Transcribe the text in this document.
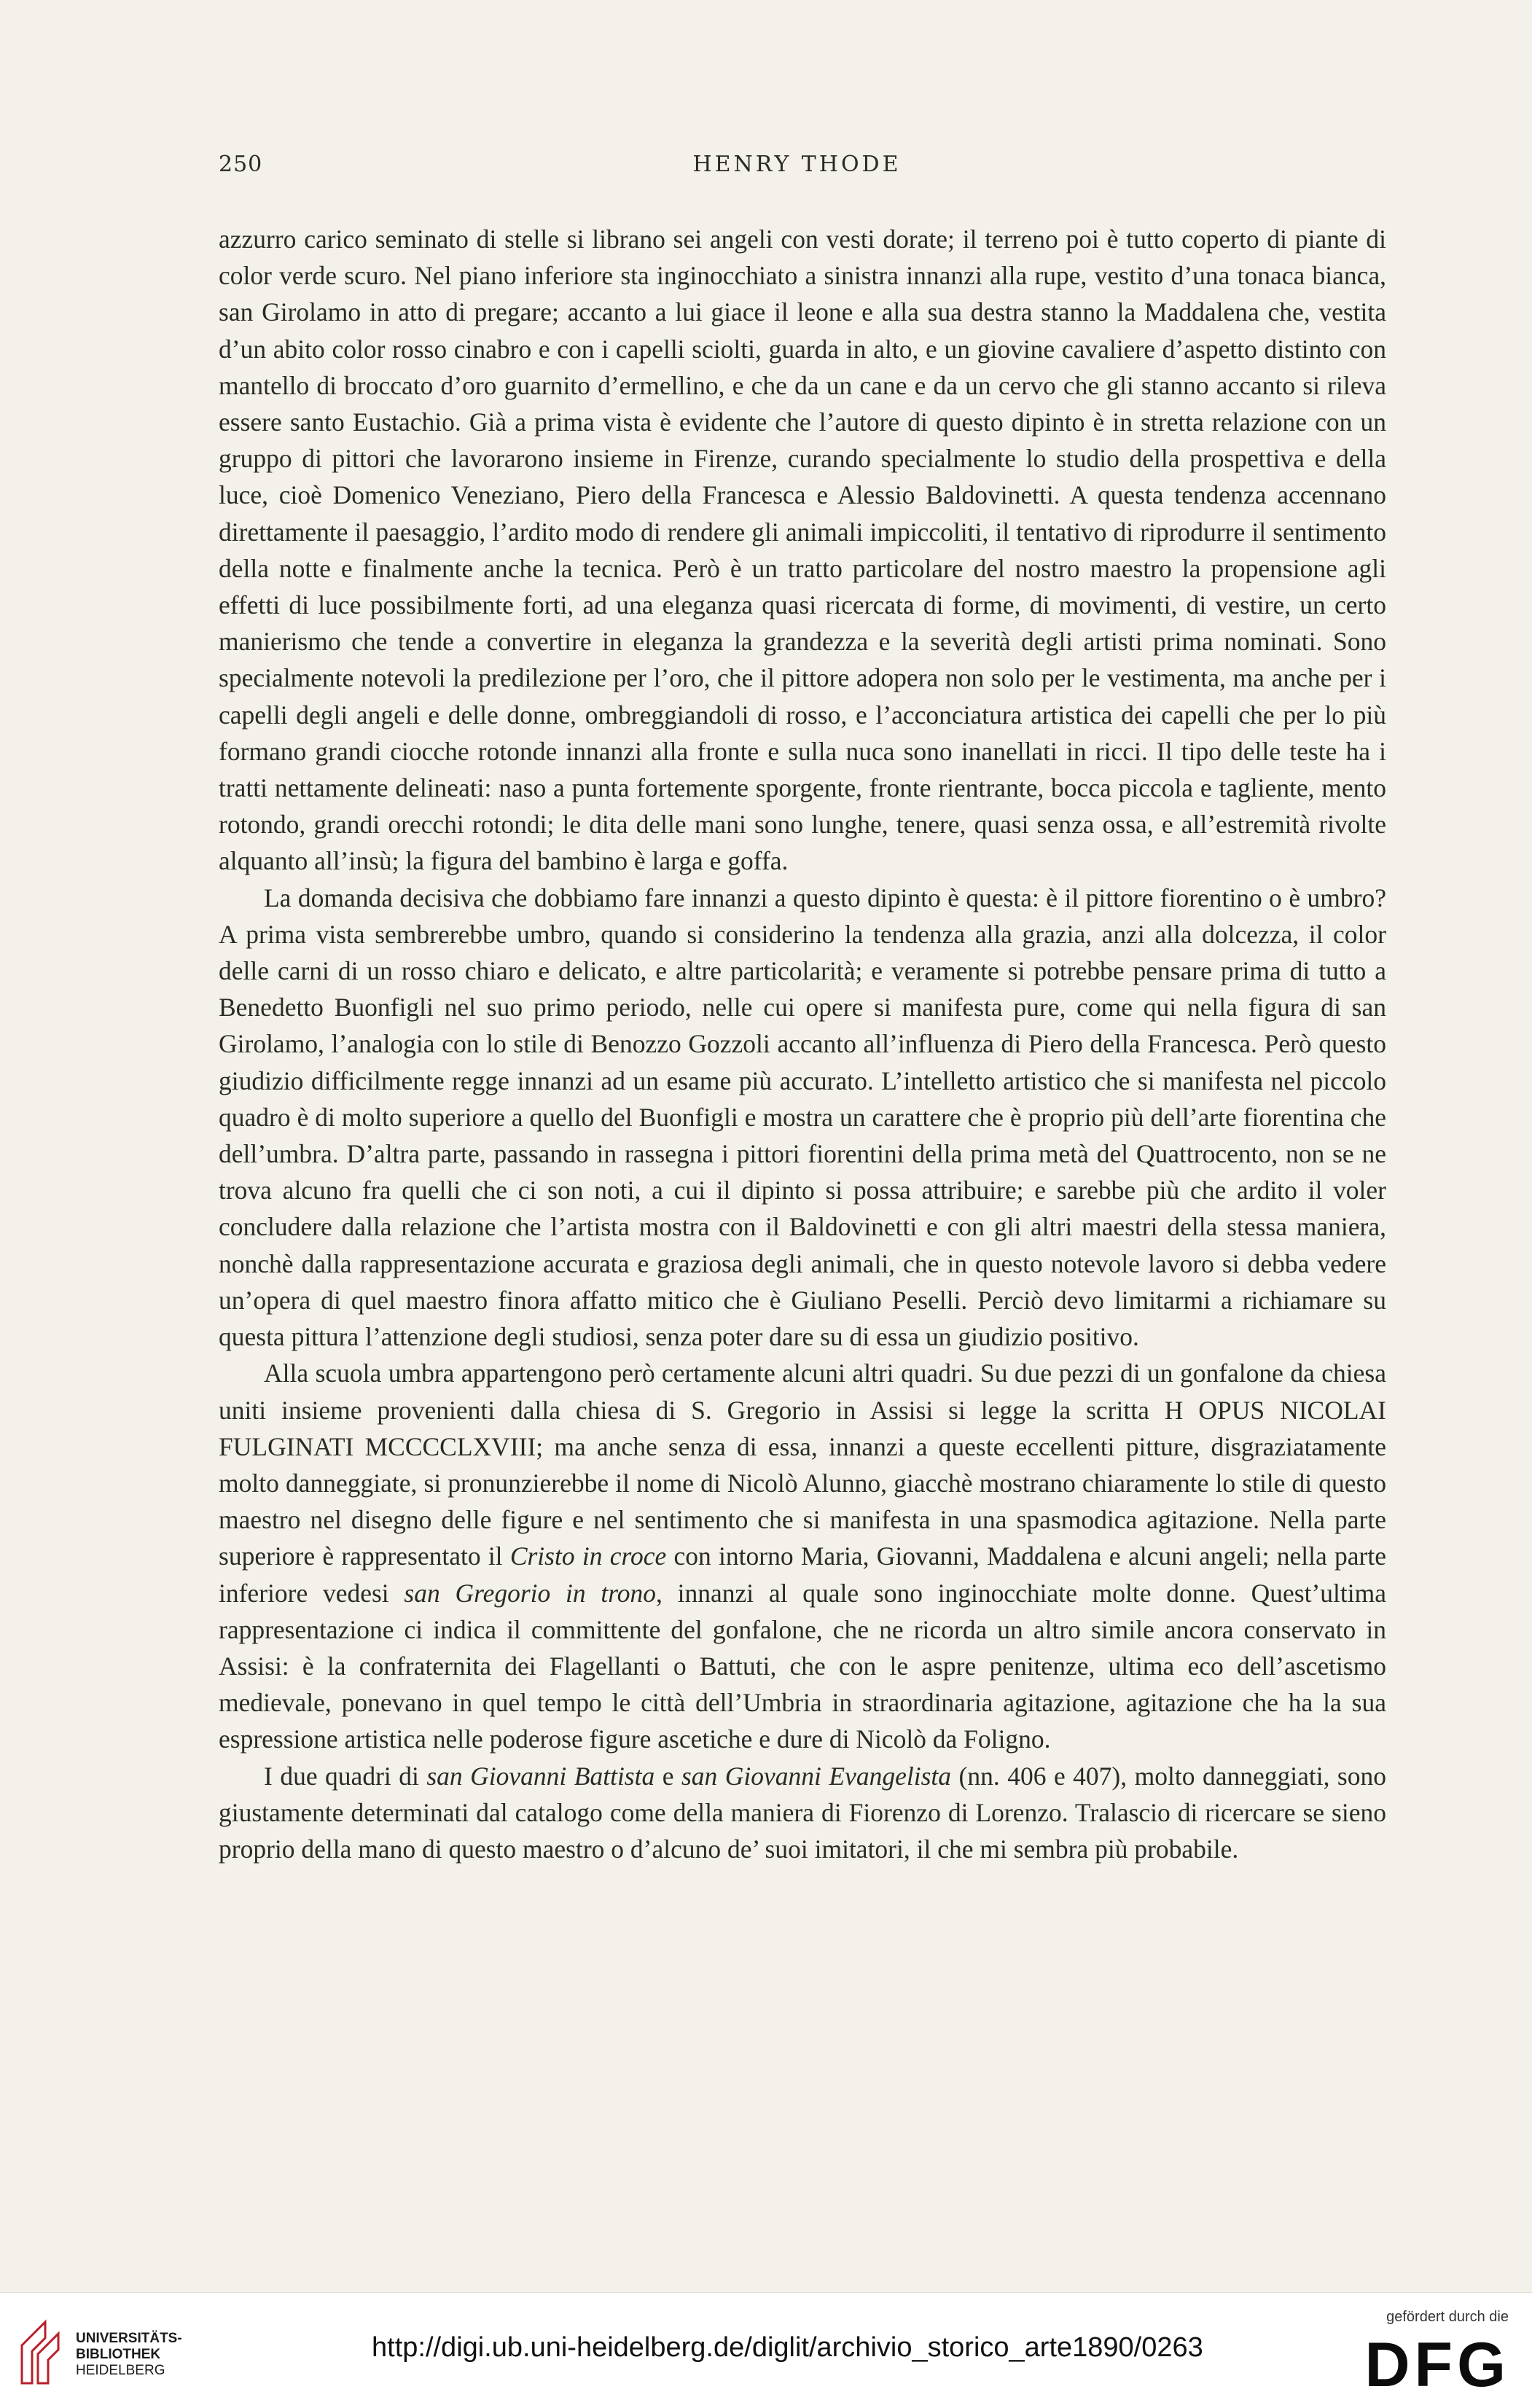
250	HENRY THODE

azzurro carico seminato di stelle si librano sei angeli con vesti dorate; il terreno poi è tutto coperto di piante di color verde scuro. Nel piano inferiore sta inginocchiato a sinistra innanzi alla rupe, vestito d’una tonaca bianca, san Girolamo in atto di pregare; accanto a lui giace il leone e alla sua destra stanno la Maddalena che, vestita d’un abito color rosso cinabro e con i capelli sciolti, guarda in alto, e un giovine cavaliere d’aspetto distinto con mantello di broccato d’oro guarnito d’ermellino, e che da un cane e da un cervo che gli stanno accanto si rileva essere santo Eustachio. Già a prima vista è evidente che l’autore di questo dipinto è in stretta relazione con un gruppo di pittori che lavorarono insieme in Firenze, curando specialmente lo studio della prospettiva e della luce, cioè Domenico Veneziano, Piero della Francesca e Alessio Baldovinetti. A questa tendenza accennano direttamente il paesaggio, l’ardito modo di rendere gli animali impiccoliti, il tentativo di riprodurre il sentimento della notte e finalmente anche la tecnica. Però è un tratto particolare del nostro maestro la propensione agli effetti di luce possibilmente forti, ad una eleganza quasi ricercata di forme, di movimenti, di vestire, un certo manierismo che tende a convertire in eleganza la grandezza e la severità degli artisti prima nominati. Sono specialmente notevoli la predilezione per l’oro, che il pittore adopera non solo per le vestimenta, ma anche per i capelli degli angeli e delle donne, ombreggiandoli di rosso, e l’acconciatura artistica dei capelli che per lo più formano grandi ciocche rotonde innanzi alla fronte e sulla nuca sono inanellati in ricci. Il tipo delle teste ha i tratti nettamente delineati: naso a punta fortemente sporgente, fronte rientrante, bocca piccola e tagliente, mento rotondo, grandi orecchi rotondi; le dita delle mani sono lunghe, tenere, quasi senza ossa, e all’estremità rivolte alquanto all’insù; la figura del bambino è larga e goffa.

La domanda decisiva che dobbiamo fare innanzi a questo dipinto è questa: è il pittore fiorentino o è umbro? A prima vista sembrerebbe umbro, quando si considerino la tendenza alla grazia, anzi alla dolcezza, il color delle carni di un rosso chiaro e delicato, e altre particolarità; e veramente si potrebbe pensare prima di tutto a Benedetto Buonfigli nel suo primo periodo, nelle cui opere si manifesta pure, come qui nella figura di san Girolamo, l’analogia con lo stile di Benozzo Gozzoli accanto all’influenza di Piero della Francesca. Però questo giudizio difficilmente regge innanzi ad un esame più accurato. L’intelletto artistico che si manifesta nel piccolo quadro è di molto superiore a quello del Buonfigli e mostra un carattere che è proprio più dell’arte fiorentina che dell’umbra. D’altra parte, passando in rassegna i pittori fiorentini della prima metà del Quattrocento, non se ne trova alcuno fra quelli che ci son noti, a cui il dipinto si possa attribuire; e sarebbe più che ardito il voler concludere dalla relazione che l’artista mostra con il Baldovinetti e con gli altri maestri della stessa maniera, nonchè dalla rappresentazione accurata e graziosa degli animali, che in questo notevole lavoro si debba vedere un’opera di quel maestro finora affatto mitico che è Giuliano Peselli. Perciò devo limitarmi a richiamare su questa pittura l’attenzione degli studiosi, senza poter dare su di essa un giudizio positivo.

Alla scuola umbra appartengono però certamente alcuni altri quadri. Su due pezzi di un gonfalone da chiesa uniti insieme provenienti dalla chiesa di S. Gregorio in Assisi si legge la scritta H OPUS NICOLAI FULGINATI MCCCCLXVIII; ma anche senza di essa, innanzi a queste eccellenti pitture, disgraziatamente molto danneggiate, si pronunzierebbe il nome di Nicolò Alunno, giacchè mostrano chiaramente lo stile di questo maestro nel disegno delle figure e nel sentimento che si manifesta in una spasmodica agitazione. Nella parte superiore è rappresentato il Cristo in croce con intorno Maria, Giovanni, Maddalena e alcuni angeli; nella parte inferiore vedesi san Gregorio in trono, innanzi al quale sono inginocchiate molte donne. Quest’ultima rappresentazione ci indica il committente del gonfalone, che ne ricorda un altro simile ancora conservato in Assisi: è la confraternita dei Flagellanti o Battuti, che con le aspre penitenze, ultima eco dell’ascetismo medievale, ponevano in quel tempo le città dell’Umbria in straordinaria agitazione, agitazione che ha la sua espressione artistica nelle poderose figure ascetiche e dure di Nicolò da Foligno.

I due quadri di san Giovanni Battista e san Giovanni Evangelista (nn. 406 e 407), molto danneggiati, sono giustamente determinati dal catalogo come della maniera di Fiorenzo di Lorenzo. Tralascio di ricercare se sieno proprio della mano di questo maestro o d’alcuno de’ suoi imitatori, il che mi sembra più probabile.

UNIVERSITÄTS-
BIBLIOTHEK
HEIDELBERG
http://digi.ub.uni-heidelberg.de/diglit/archivio_storico_arte1890/0263
gefördert durch die
DFG
